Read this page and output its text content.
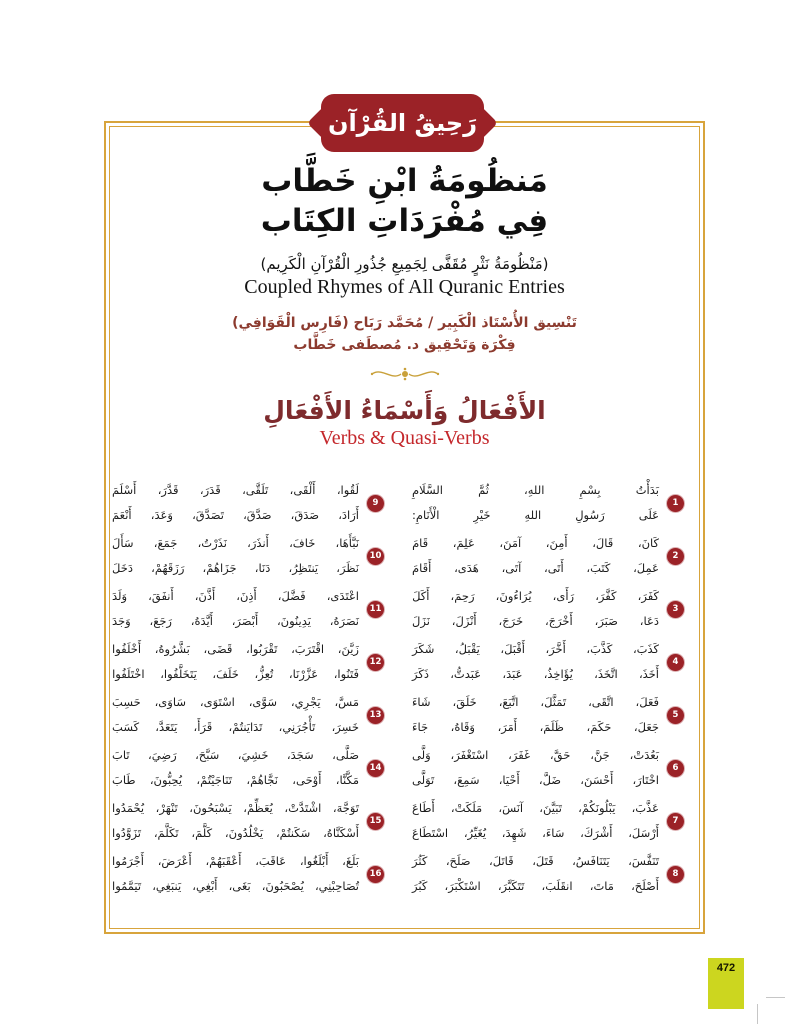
رَحِيقُ القُرْآن
مَنظُومَةُ ابْنِ خَطَّاب
فِي مُفْرَدَاتِ الكِتَاب
(مَنْظُومَةُ نَثْرٍ مُقَفَّى لِجَمِيعِ جُذُورِ الْقُرْآنِ الْكَرِيم)
Coupled Rhymes of All Quranic Entries
تَنْسِيق الأُسْتَاذ الْكَبِير / مُحَمَّد رَبَاح (فَارِس الْقَوَافِي)
فِكْرَة وَتَحْقِيق د. مُصطَفى خَطَّاب
الأَفْعَالُ وَأَسْمَاءُ الأَفْعَالِ
Verbs & Quasi-Verbs
1
بَدَأْتُ
بِسْمِ
اللهِ،
ثُمَّ
السَّلَامِ
عَلَى
رَسُولِ
اللهِ
خَيْرِ
الْأَنَامِ:
2
كَانَ،
قَالَ،
أَمِنَ،
آمَنَ،
عَلِمَ،
قَامَ
عَمِلَ،
كَتَبَ،
أَتَى،
آتَى،
هَدَى،
أَقَامَ
3
كَفَرَ،
كَفَّرَ،
رَأَى،
يُرَاءُونَ،
رَحِمَ،
أَكَلَ
دَعَا،
صَبَرَ،
أَخْرَجَ،
خَرَجَ،
أَنْزَلَ،
نَزَلَ
4
كَذَبَ،
كَذَّبَ،
أَخَّرَ،
أَقْبَلَ،
يَقْبَلُ،
شَكَرَ
أَخَذَ،
اتَّخَذَ،
يُؤَاخِذُ،
عَبَدَ،
عَبَدتُّ،
ذَكَرَ
5
فَعَلَ،
اتَّقَى،
تَمَثَّلَ،
اتَّبَعَ،
خَلَقَ،
شَاءَ
جَعَلَ،
حَكَمَ،
ظَلَمَ،
أَمَرَ،
وَقَاهُ،
جَاءَ
6
بَعُدَتْ،
جَنَّ،
حَقَّ،
غَفَرَ،
اسْتَغْفَرَ،
وَلَّى
اخْتَارَ،
أَحْسَنَ،
ضَلَّ،
أَحْيَا،
سَمِعَ،
تَوَلَّى
7
عَذَّبَ،
يَبْلُونَكُمْ،
تَبَيَّنَ،
آنَسَ،
مَلَكَتْ،
أَطَاعَ
أَرْسَلَ،
أَشْرَكَ،
سَاءَ،
شَهِدَ،
يُغَيِّرُ،
اسْتَطَاعَ
8
تَنَفَّسَ،
يَتَنَافَسُ،
قَتَلَ،
قَاتَلَ،
صَلَحَ،
كَثُرَ
أَصْلَحَ،
مَاتَ،
انقَلَبَ،
تَتَكَبَّرَ،
اسْتَكْبَرَ،
كَبُرَ
9
لَقُوا،
أَلْقَى،
تَلَقَّى،
قَدَرَ،
قَدَّرَ،
أَسْلَمَ
أَرَادَ،
صَدَقَ،
صَدَّقَ،
تَصَدَّقَ،
وَعَدَ،
أَنْعَمَ
10
نَبَّأَهَا،
خَافَ،
أَنذَرَ،
نَذَرْتُ،
جَمَعَ،
سَأَلَ
نَظَرَ،
يَنتَظِرُ،
دَنَا،
جَزَاهُمْ،
رَزَقَهُمْ،
دَخَلَ
11
اعْتَدَى،
فَضَّلَ،
أَذِنَ،
أَذَّنَ،
أَنفَقَ،
وَلَدَ
نَصَرَهُ،
يَدِينُونَ،
أَبْصَرَ،
أَيَّدَهُ،
رَجَعَ،
وَجَدَ
12
زَيَّنَ،
اقْتَرَبَ،
تَقْرَبُوا،
قَضَى،
بَشَّرُوهُ،
أَخْلَفُوا
فَتَنُوا،
عَزَّرْنَا،
تُعِزُّ،
خَلَفَ،
يَتَخَلَّفُوا،
اخْتَلَفُوا
13
مَسَّ،
يَجْرِي،
سَوَّى،
اسْتَوَى،
سَاوَى،
حَسِبَ
خَسِرَ،
تَأْجُرَنِي،
تَدَايَنتُمْ،
قَرَأَ،
يَتَعَدَّ،
كَسَبَ
14
صَلَّى،
سَجَدَ،
خَشِيَ،
سَبَّحَ،
رَضِيَ،
تَابَ
مَكَّنَّا،
أَوْحَى،
نَجَّاهُمْ،
تَنَاجَيْتُمْ،
يُحِبُّونَ،
طَابَ
15
تَوَجَّهَ،
اشْتَدَّتْ،
يُعَظِّمْ،
يَسْبَحُونَ،
تَنْهَرْ،
يُحْمَدُوا
أَسْكَنَّاهُ،
سَكَنتُمْ،
يَخْلُدُونَ،
كَلَّمَ،
تَكَلَّمَ،
تَزَوَّدُوا
16
بَلَغَ،
أَبْلَغُوا،
عَاقَبَ،
أَعْقَبَهُمْ،
أَعْرَضَ،
أَجْرَمُوا
تُصَاحِبْنِي،
يُصْحَبُونَ،
بَغَى،
أَبْغِي،
يَنبَغِي،
تَيَمَّمُوا
472
